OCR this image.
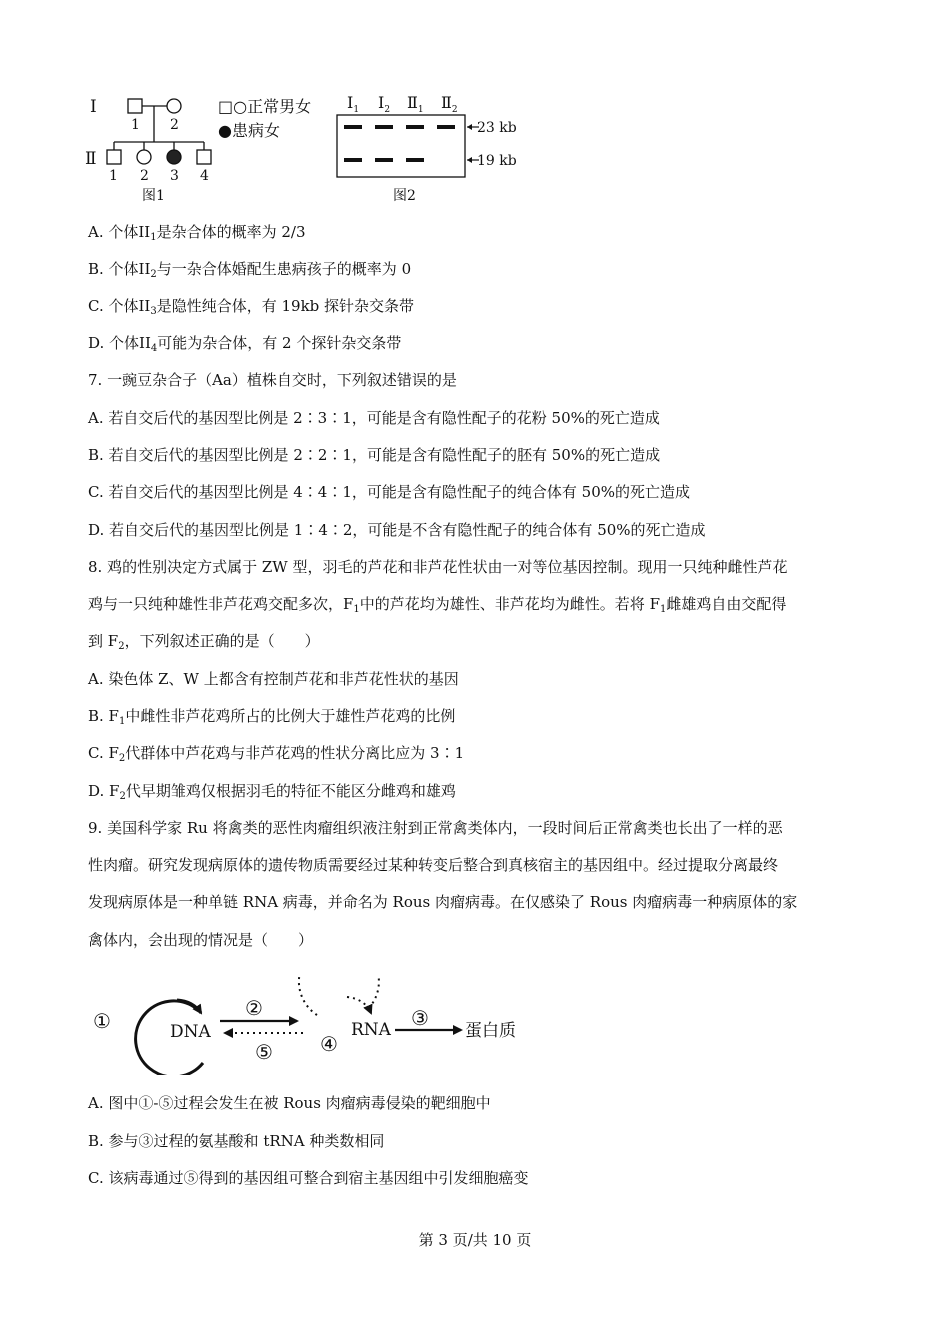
I
Ⅱ
1 2
1 2 3 4
图1
□○正常男女
●患病女
$I_1$ $I_2$ $Ⅱ_1$ $Ⅱ_2$
23 kb
19 kb
图2
A. 个体$II_1$是杂合体的概率为 2/3
B. 个体$II_2$与一杂合体婚配生患病孩子的概率为 0
C. 个体$II_3$是隐性纯合体，有 19kb 探针杂交条带
D. 个体$II_4$可能为杂合体，有 2 个探针杂交条带
7. 一豌豆杂合子（Aa）植株自交时，下列叙述错误的是
A. 若自交后代的基因型比例是 2∶3∶1，可能是含有隐性配子的花粉 50%的死亡造成
B. 若自交后代的基因型比例是 2∶2∶1，可能是含有隐性配子的胚有 50%的死亡造成
C. 若自交后代的基因型比例是 4∶4∶1，可能是含有隐性配子的纯合体有 50%的死亡造成
D. 若自交后代的基因型比例是 1∶4∶2，可能是不含有隐性配子的纯合体有 50%的死亡造成
8. 鸡的性别决定方式属于 ZW 型，羽毛的芦花和非芦花性状由一对等位基因控制。现用一只纯种雌性芦花
鸡与一只纯种雄性非芦花鸡交配多次，$F_1$中的芦花均为雄性、非芦花均为雌性。若将 $F_1$雌雄鸡自由交配得
到 $F_2$，下列叙述正确的是（　　）
A. 染色体 Z、W 上都含有控制芦花和非芦花性状的基因
B. $F_1$中雌性非芦花鸡所占的比例大于雄性芦花鸡的比例
C. $F_2$代群体中芦花鸡与非芦花鸡的性状分离比应为 3∶1
D. $F_2$代早期雏鸡仅根据羽毛的特征不能区分雌鸡和雄鸡
9. 美国科学家 Ru 将禽类的恶性肉瘤组织液注射到正常禽类体内，一段时间后正常禽类也长出了一样的恶
性肉瘤。研究发现病原体的遗传物质需要经过某种转变后整合到真核宿主的基因组中。经过提取分离最终
发现病原体是一种单链 RNA 病毒，并命名为 Rous 肉瘤病毒。在仅感染了 Rous 肉瘤病毒一种病原体的家
禽体内，会出现的情况是（　　）
①	DNA
②
⑤
RNA
④
③
蛋白质
A. 图中①-⑤过程会发生在被 Rous 肉瘤病毒侵染的靶细胞中
B. 参与③过程的氨基酸和 tRNA 种类数相同
C. 该病毒通过⑤得到的基因组可整合到宿主基因组中引发细胞癌变
第 3 页/共 10 页
